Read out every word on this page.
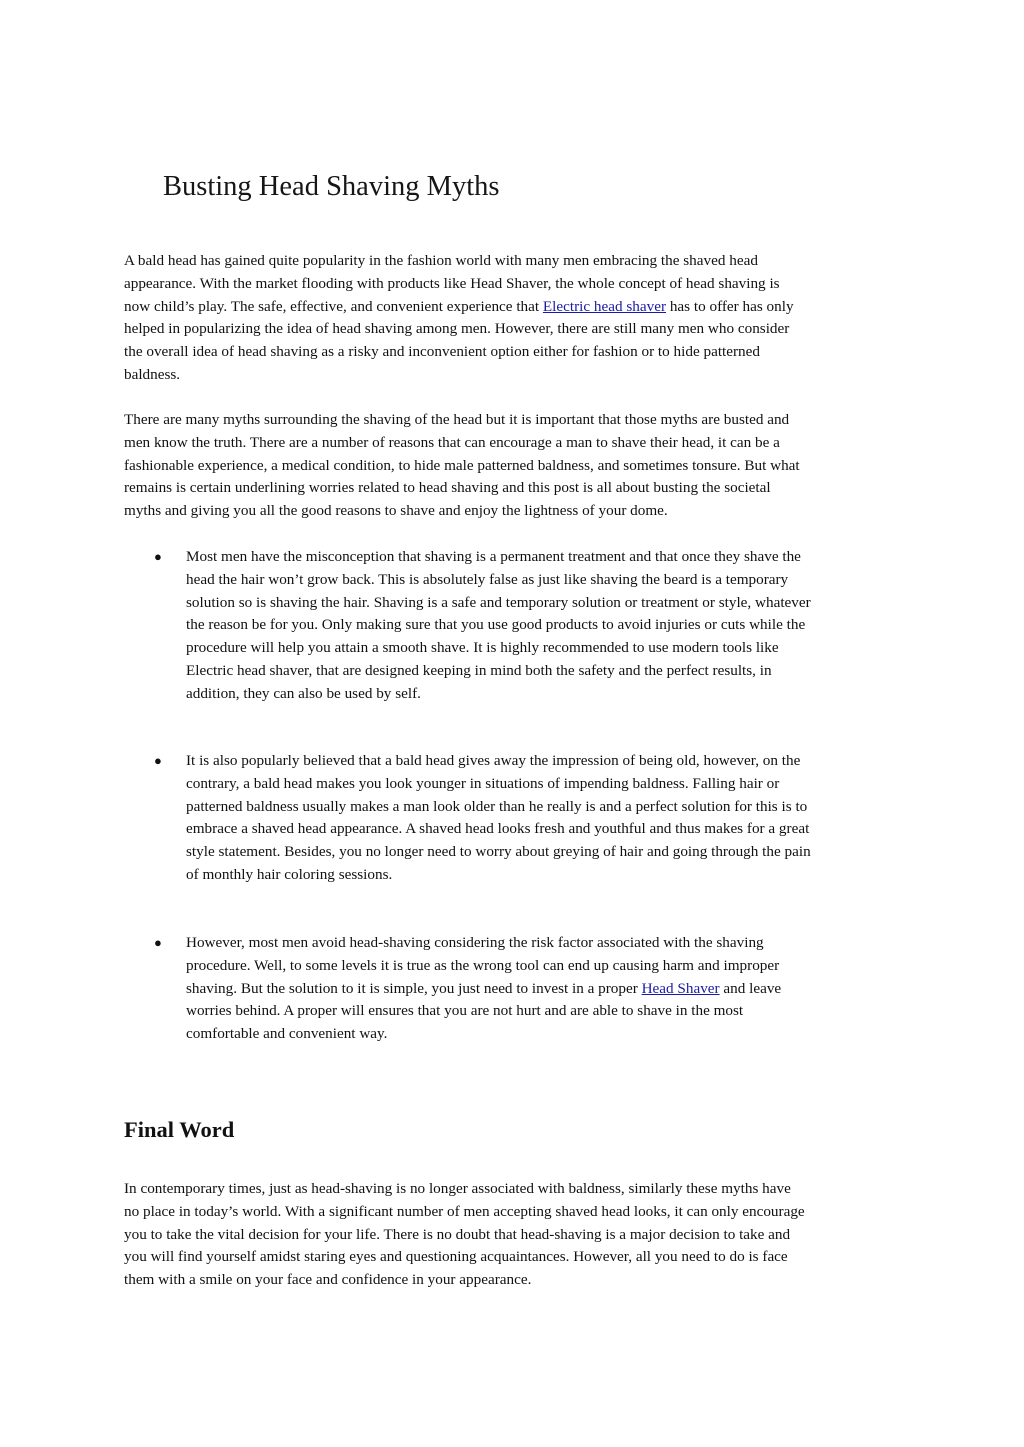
Busting Head Shaving Myths
A bald head has gained quite popularity in the fashion world with many men embracing the shaved head
appearance. With the market flooding with products like Head Shaver, the whole concept of head shaving is
now child’s play. The safe, effective, and convenient experience that Electric head shaver has to offer has only
helped in popularizing the idea of head shaving among men. However, there are still many men who consider
the overall idea of head shaving as a risky and inconvenient option either for fashion or to hide patterned
baldness.
There are many myths surrounding the shaving of the head but it is important that those myths are busted and
men know the truth. There are a number of reasons that can encourage a man to shave their head, it can be a
fashionable experience, a medical condition, to hide male patterned baldness, and sometimes tonsure. But what
remains is certain underlining worries related to head shaving and this post is all about busting the societal
myths and giving you all the good reasons to shave and enjoy the lightness of your dome.
● Most men have the misconception that shaving is a permanent treatment and that once they shave the
head the hair won’t grow back. This is absolutely false as just like shaving the beard is a temporary
solution so is shaving the hair. Shaving is a safe and temporary solution or treatment or style, whatever
the reason be for you. Only making sure that you use good products to avoid injuries or cuts while the
procedure will help you attain a smooth shave. It is highly recommended to use modern tools like
Electric head shaver, that are designed keeping in mind both the safety and the perfect results, in
addition, they can also be used by self.
● It is also popularly believed that a bald head gives away the impression of being old, however, on the
contrary, a bald head makes you look younger in situations of impending baldness. Falling hair or
patterned baldness usually makes a man look older than he really is and a perfect solution for this is to
embrace a shaved head appearance. A shaved head looks fresh and youthful and thus makes for a great
style statement. Besides, you no longer need to worry about greying of hair and going through the pain
of monthly hair coloring sessions.
● However, most men avoid head-shaving considering the risk factor associated with the shaving
procedure. Well, to some levels it is true as the wrong tool can end up causing harm and improper
shaving. But the solution to it is simple, you just need to invest in a proper Head Shaver and leave
worries behind. A proper will ensures that you are not hurt and are able to shave in the most
comfortable and convenient way.
Final Word
In contemporary times, just as head-shaving is no longer associated with baldness, similarly these myths have
no place in today’s world. With a significant number of men accepting shaved head looks, it can only encourage
you to take the vital decision for your life. There is no doubt that head-shaving is a major decision to take and
you will find yourself amidst staring eyes and questioning acquaintances. However, all you need to do is face
them with a smile on your face and confidence in your appearance.
